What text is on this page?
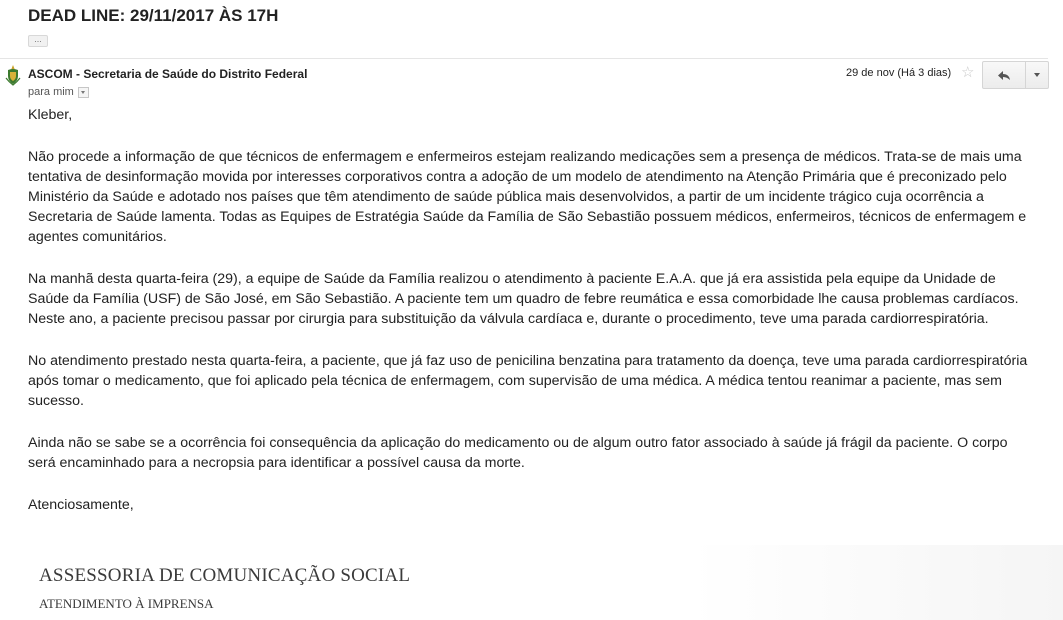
DEAD LINE: 29/11/2017 ÀS 17H
...
ASCOM - Secretaria de Saúde do Distrito Federal
para mim
29 de nov (Há 3 dias) ☆

Kleber,

Não procede a informação de que técnicos de enfermagem e enfermeiros estejam realizando medicações sem a presença de médicos. Trata-se de mais uma tentativa de desinformação movida por interesses corporativos contra a adoção de um modelo de atendimento na Atenção Primária que é preconizado pelo Ministério da Saúde e adotado nos países que têm atendimento de saúde pública mais desenvolvidos, a partir de um incidente trágico cuja ocorrência a Secretaria de Saúde lamenta. Todas as Equipes de Estratégia Saúde da Família de São Sebastião possuem médicos, enfermeiros, técnicos de enfermagem e agentes comunitários.

Na manhã desta quarta-feira (29), a equipe de Saúde da Família realizou o atendimento à paciente E.A.A. que já era assistida pela equipe da Unidade de Saúde da Família (USF) de São José, em São Sebastião. A paciente tem um quadro de febre reumática e essa comorbidade lhe causa problemas cardíacos. Neste ano, a paciente precisou passar por cirurgia para substituição da válvula cardíaca e, durante o procedimento, teve uma parada cardiorrespiratória.

No atendimento prestado nesta quarta-feira, a paciente, que já faz uso de penicilina benzatina para tratamento da doença, teve uma parada cardiorrespiratória após tomar o medicamento, que foi aplicado pela técnica de enfermagem, com supervisão de uma médica. A médica tentou reanimar a paciente, mas sem sucesso.

Ainda não se sabe se a ocorrência foi consequência da aplicação do medicamento ou de algum outro fator associado à saúde já frágil da paciente. O corpo será encaminhado para a necropsia para identificar a possível causa da morte.

Atenciosamente,

ASSESSORIA DE COMUNICAÇÃO SOCIAL
ATENDIMENTO À IMPRENSA
